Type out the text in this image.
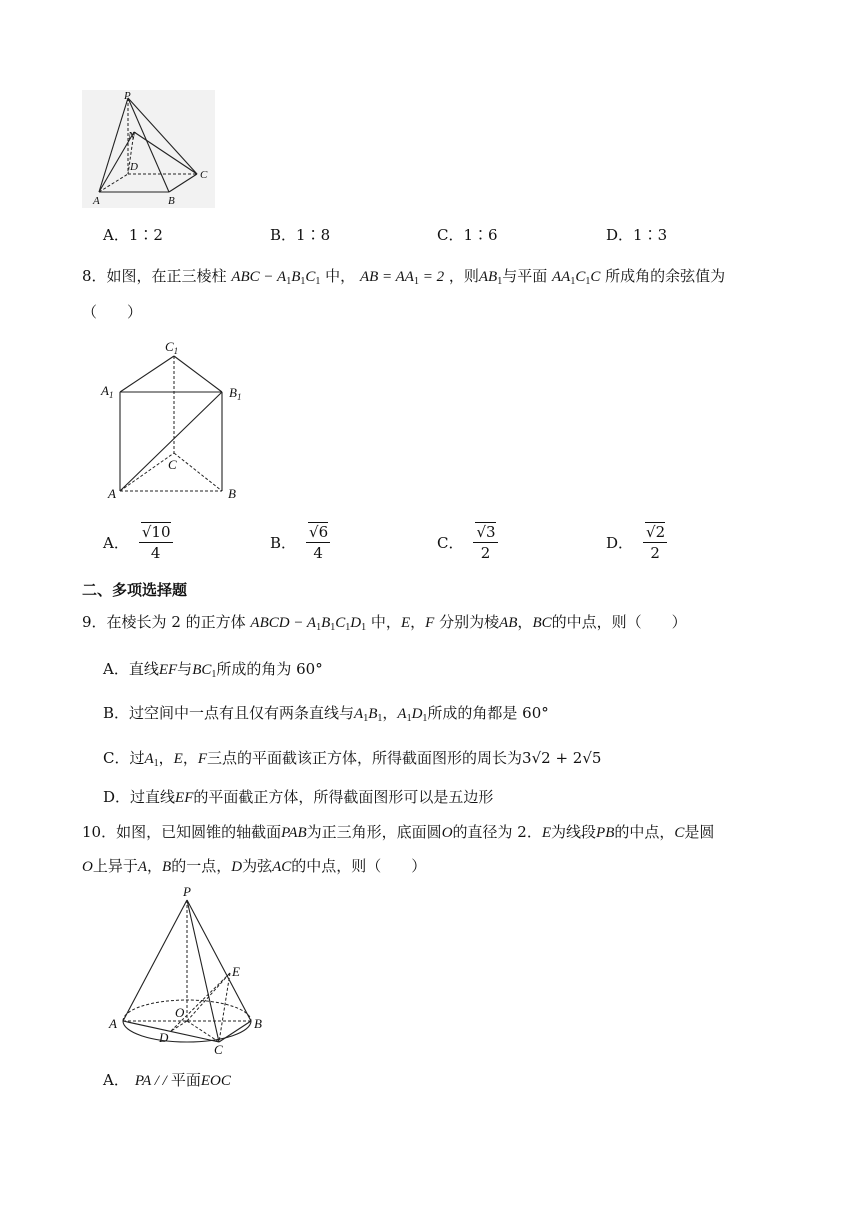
P
N
D
C
A	B
A．1∶2	B．1∶8	C．1∶6	D．1∶3
8．如图，在正三棱柱 ABC − $A_1B_1C_1$ 中， AB = $AA_1 = 2$ ，则$AB_1$与平面 $AA_1C_1C$ 所成角的余弦值为
（　　）
$C_1$
$A_1$	$B_1$
C
A	B
A． $\frac{√10}{4}$	B． $\frac{√6}{4}$	C． $\frac{√3}{2}$	D． $\frac{√2}{2}$
二、多项选择题
9．在棱长为 2 的正方体 ABCD − $A_1B_1C_1D_1$ 中，E，F 分别为棱AB，BC的中点，则（　　）
A．直线EF与$BC_1$所成的角为 60°
B．过空间中一点有且仅有两条直线与$A_1B_1$，$A_1D_1$所成的角都是 60°
C．过$A_1$，E，F三点的平面截该正方体，所得截面图形的周长为3√2 + 2√5
D．过直线EF的平面截正方体，所得截面图形可以是五边形
10．如图，已知圆锥的轴截面PAB为正三角形，底面圆O的直径为 2．E为线段PB的中点，C是圆
O上异于A，B的一点，D为弦AC的中点，则（　　）
P
E
A
O
B
D
C
A． PA / / 平面EOC
